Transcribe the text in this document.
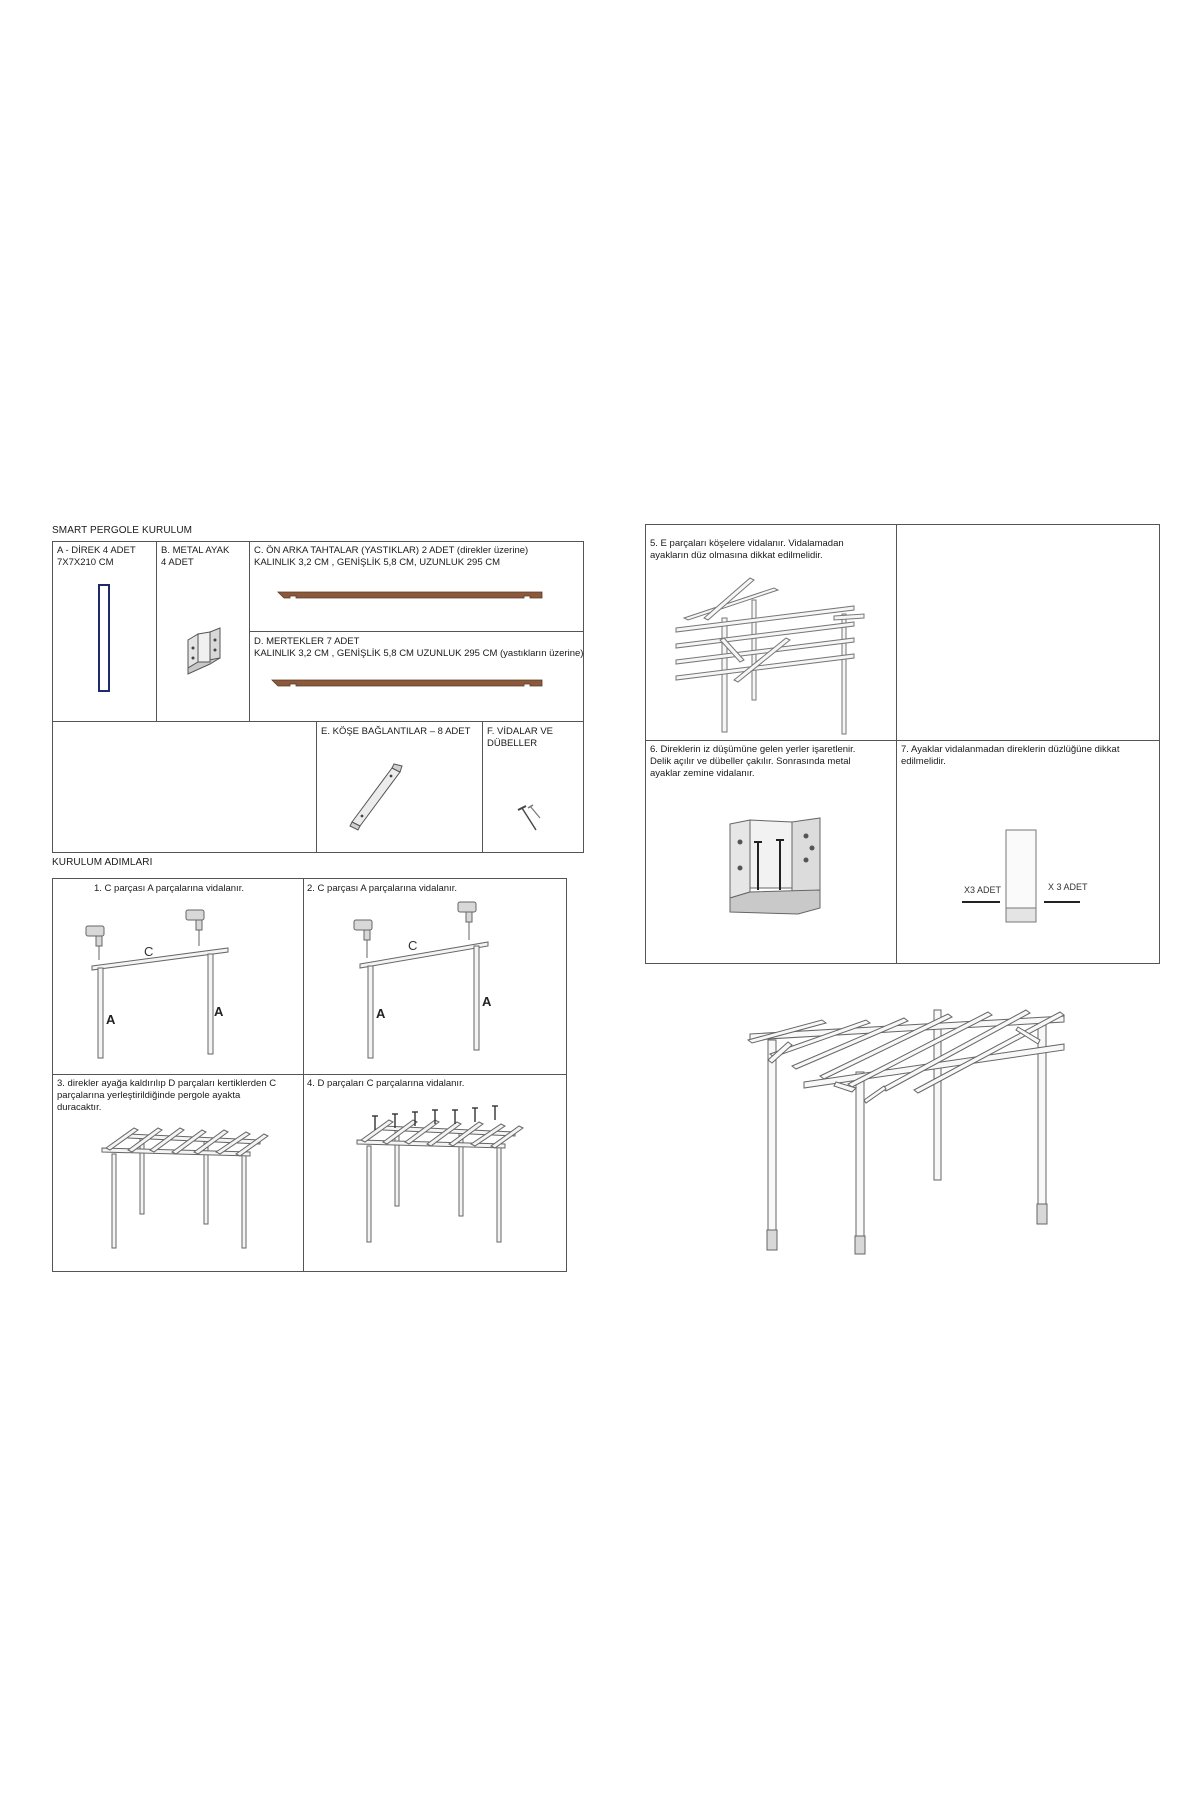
SMART PERGOLE KURULUM
A - DİREK 4 ADET
7X7X210 CM
B. METAL AYAK
4 ADET
C. ÖN ARKA TAHTALAR (YASTIKLAR) 2 ADET (direkler üzerine)
KALINLIK 3,2 CM , GENİŞLİK 5,8 CM, UZUNLUK 295 CM
D. MERTEKLER 7 ADET
KALINLIK 3,2 CM , GENİŞLİK 5,8 CM UZUNLUK 295 CM (yastıkların üzerine)
E. KÖŞE BAĞLANTILAR – 8 ADET F. VİDALAR VE
DÜBELLER
KURULUM ADIMLARI
1. C parçası A parçalarına vidalanır.
C
A
A
2. C parçası A parçalarına vidalanır.
C
A
A
3. direkler ayağa kaldırılıp D parçaları kertiklerden C
parçalarına yerleştirildiğinde pergole ayakta
duracaktır.
4. D parçaları C parçalarına vidalanır.
5. E parçaları köşelere vidalanır. Vidalamadan
ayakların düz olmasına dikkat edilmelidir.
6. Direklerin iz düşümüne gelen yerler işaretlenir.
Delik açılır ve dübeller çakılır. Sonrasında metal
ayaklar zemine vidalanır.
7. Ayaklar vidalanmadan direklerin düzlüğüne dikkat
edilmelidir.
X3 ADET	X 3 ADET
